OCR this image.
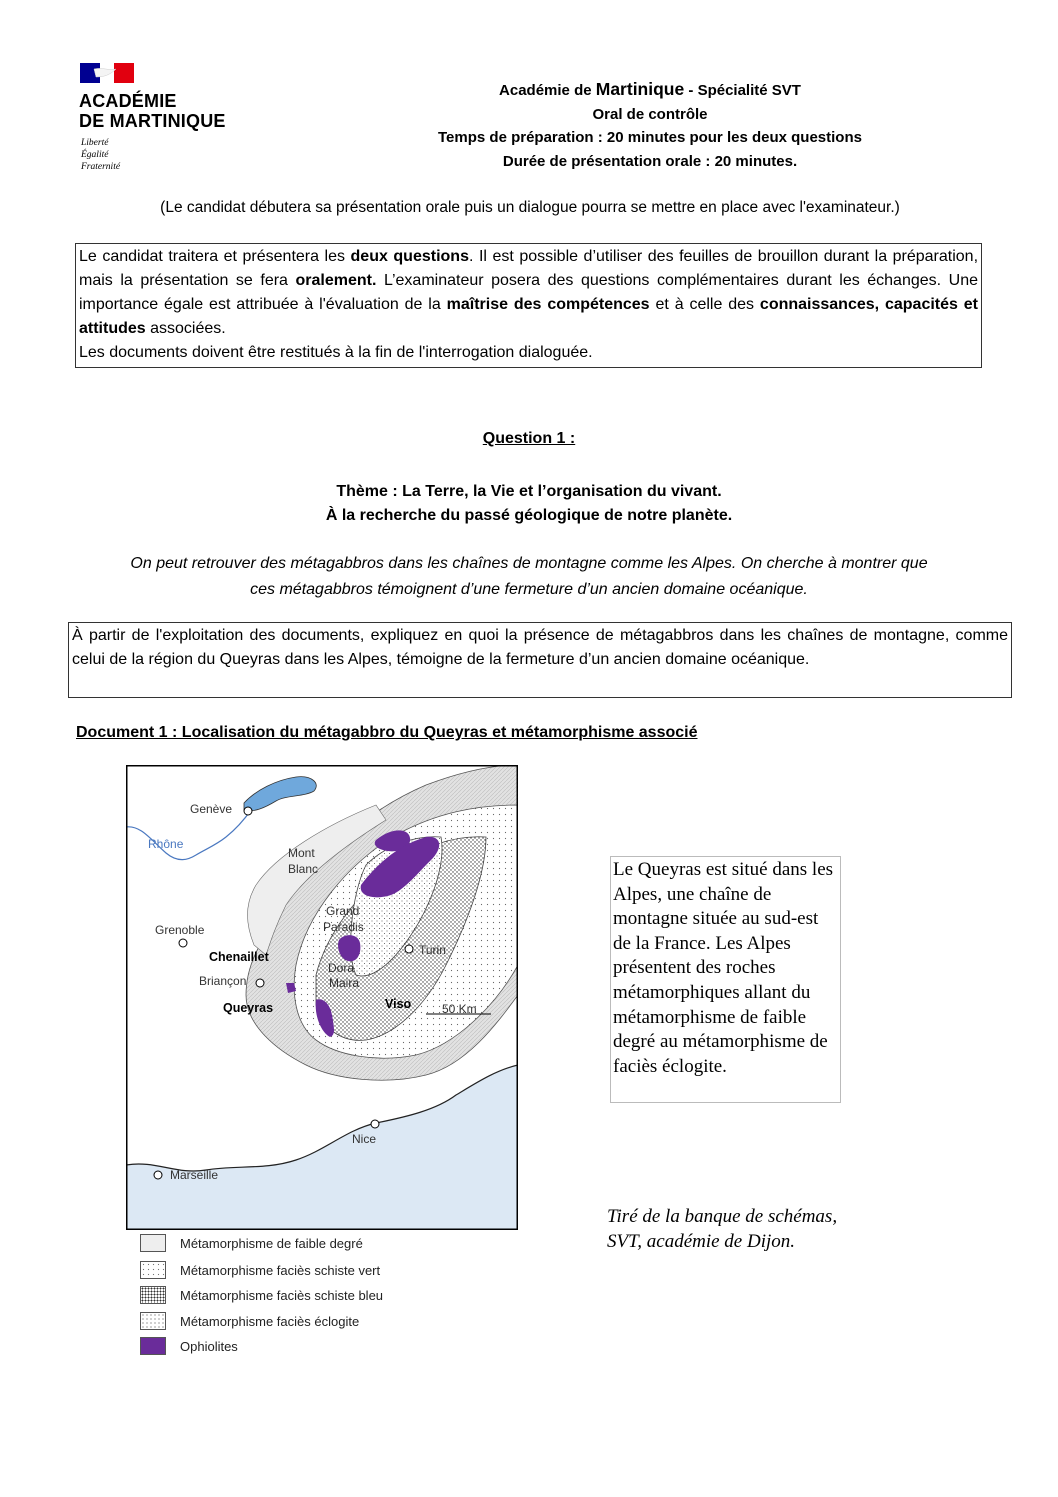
ACADÉMIE
DE MARTINIQUE
Liberté
Égalité
Fraternité
Académie de Martinique - Spécialité SVT
Oral de contrôle
Temps de préparation : 20 minutes pour les deux questions
Durée de présentation orale : 20 minutes.
(Le candidat débutera sa présentation orale puis un dialogue pourra se mettre en place avec l'examinateur.)
Le candidat traitera et présentera les deux questions. Il est possible d’utiliser des feuilles de brouillon durant la préparation, mais la présentation se fera oralement. L’examinateur posera des questions complémentaires durant les échanges. Une importance égale est attribuée à l'évaluation de la maîtrise des compétences et à celle des connaissances, capacités et attitudes associées.
Les documents doivent être restitués à la fin de l'interrogation dialoguée.
Question 1 :
Thème : La Terre, la Vie et l’organisation du vivant.
À la recherche du passé géologique de notre planète.
On peut retrouver des métagabbros dans les chaînes de montagne comme les Alpes. On cherche à montrer que
ces métagabbros témoignent d’une fermeture d’un ancien domaine océanique.
À partir de l'exploitation des documents, expliquez en quoi la présence de métagabbros dans les chaînes de montagne, comme celui de la région du Queyras dans les Alpes, témoigne de la fermeture d’un ancien domaine océanique.
Document 1 : Localisation du métagabbro du Queyras et métamorphisme associé
Genève
Rhône
Mont
Blanc
Grenoble
Chenaillet
Briançon
Queyras
Grand
Paradis
Turin
Dora
Maira
Viso	50 Km
Nice
Marseille
Métamorphisme de faible degré
Métamorphisme faciès schiste vert
Métamorphisme faciès schiste bleu
Métamorphisme faciès éclogite
Ophiolites
Le Queyras est situé dans les Alpes, une chaîne de montagne située au sud-est de la France. Les Alpes présentent des roches métamorphiques allant du métamorphisme de faible degré au métamorphisme de faciès éclogite.
Tiré de la banque de schémas, SVT, académie de Dijon.
